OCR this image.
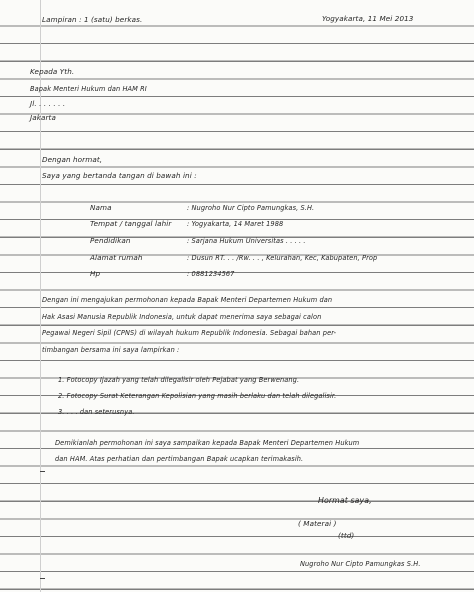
Lampiran : 1 (satu) berkas.	Yogyakarta, 11 Mei 2013
Kepada Yth.
Bapak Menteri Hukum dan HAM RI
Jl. . . . . . .
Jakarta
Dengan hormat,
Saya yang bertanda tangan di bawah ini :
Nama	: Nugroho Nur Cipto Pamungkas, S.H.
Tempat / tanggal lahir : Yogyakarta, 14 Maret 1988
Pendidikan	: Sarjana Hukum Universitas . . . . .
Alamat rumah	: Dusun RT. . . /Rw. . . , Kelurahan, Kec, Kabupaten, Prop
Hp	: 0881234567
Dengan ini mengajukan permohonan kepada Bapak Menteri Departemen Hukum dan
Hak Asasi Manusia Republik Indonesia, untuk dapat menerima saya sebagai calon
Pegawai Negeri Sipil (CPNS) di wilayah hukum Republik Indonesia. Sebagai bahan per-
timbangan bersama ini saya lampirkan :
1. Fotocopy Ijazah yang telah dilegalisir oleh Pejabat yang Berwenang.
2. Fotocopy Surat Keterangan Kepolisian yang masih berlaku dan telah dilegalisir.
3. . . . dan seterusnya.
Demikianlah permohonan ini saya sampaikan kepada Bapak Menteri Departemen Hukum
dan HAM. Atas perhatian dan pertimbangan Bapak ucapkan terimakasih.
Hormat saya,
( Materai )
(ttd)
Nugroho Nur Cipto Pamungkas S.H.
